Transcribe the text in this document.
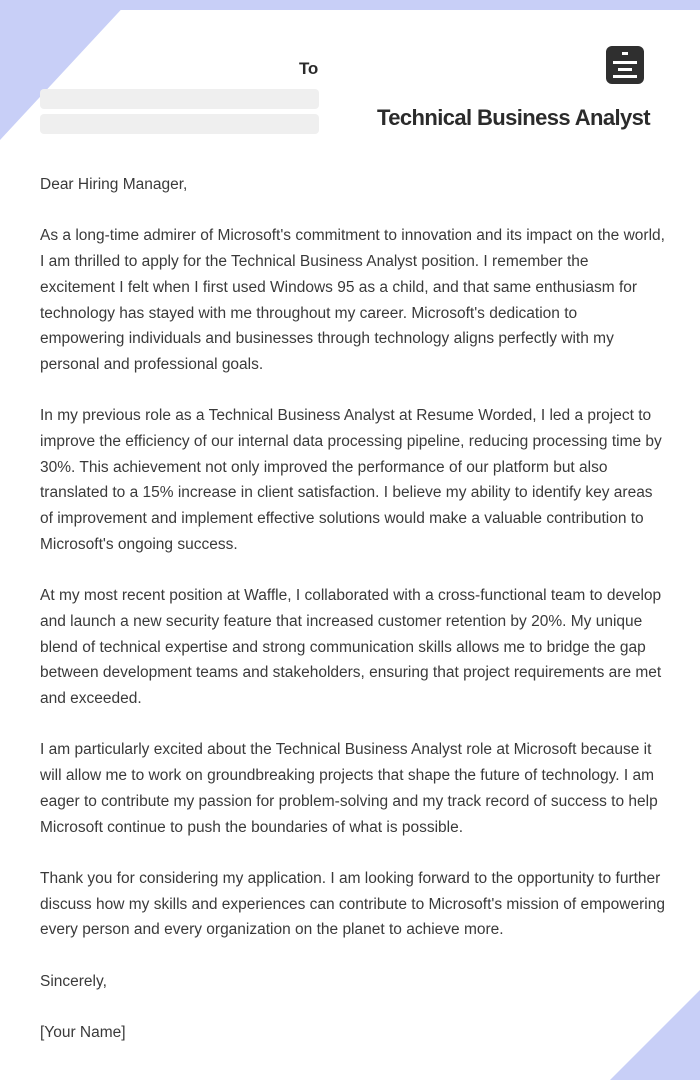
To
Technical Business Analyst

Dear Hiring Manager,

As a long-time admirer of Microsoft's commitment to innovation and its impact on the world, I am thrilled to apply for the Technical Business Analyst position. I remember the excitement I felt when I first used Windows 95 as a child, and that same enthusiasm for technology has stayed with me throughout my career. Microsoft's dedication to empowering individuals and businesses through technology aligns perfectly with my personal and professional goals.

In my previous role as a Technical Business Analyst at Resume Worded, I led a project to improve the efficiency of our internal data processing pipeline, reducing processing time by 30%. This achievement not only improved the performance of our platform but also translated to a 15% increase in client satisfaction. I believe my ability to identify key areas of improvement and implement effective solutions would make a valuable contribution to Microsoft's ongoing success.

At my most recent position at Waffle, I collaborated with a cross-functional team to develop and launch a new security feature that increased customer retention by 20%. My unique blend of technical expertise and strong communication skills allows me to bridge the gap between development teams and stakeholders, ensuring that project requirements are met and exceeded.

I am particularly excited about the Technical Business Analyst role at Microsoft because it will allow me to work on groundbreaking projects that shape the future of technology. I am eager to contribute my passion for problem-solving and my track record of success to help Microsoft continue to push the boundaries of what is possible.

Thank you for considering my application. I am looking forward to the opportunity to further discuss how my skills and experiences can contribute to Microsoft's mission of empowering every person and every organization on the planet to achieve more.

Sincerely,

[Your Name]
